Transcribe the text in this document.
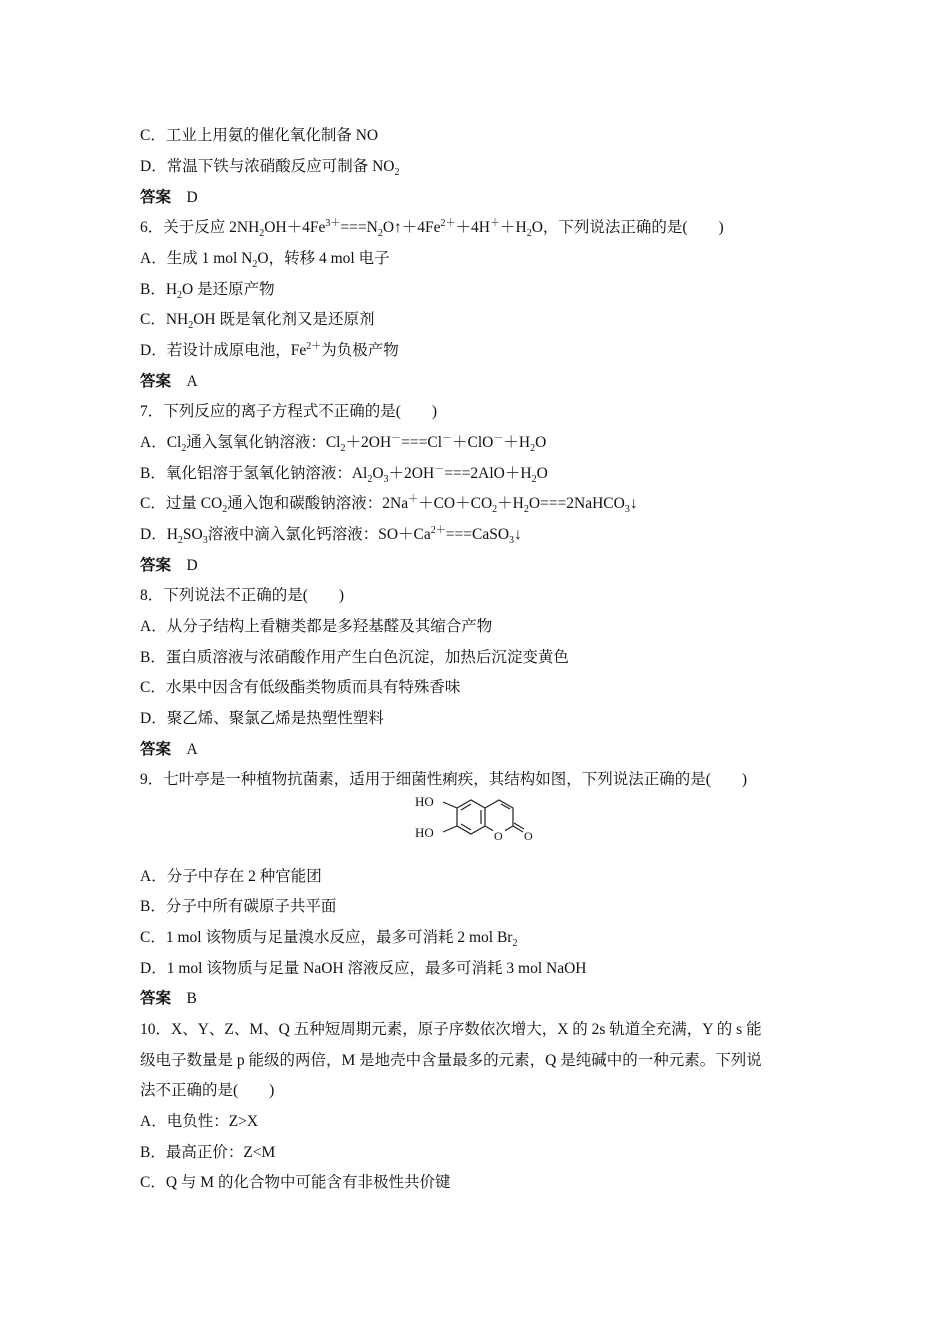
C．工业上用氨的催化氧化制备 NO
D．常温下铁与浓硝酸反应可制备 $NO_2$
答案　 D
6．关于反应 $2NH_2OH+4Fe^{3+}===N_2O↑+4Fe^{2+}+4H^++H_2O$，下列说法正确的是(　　)
A．生成 1 mol $N_2O$，转移 4 mol 电子
B．$H_2O$ 是还原产物
C．$NH_2OH$ 既是氧化剂又是还原剂
D．若设计成原电池，$Fe^{2+}$为负极产物
答案　 A
7．下列反应的离子方程式不正确的是(　　)
A．$Cl_2$通入氢氧化钠溶液：$Cl_2+2OH^-===Cl^-+ClO^-+H_2O$
B．氧化铝溶于氢氧化钠溶液：$Al_2O_3+2OH^-===2AlO+H_2O$
C．过量 $CO_2$通入饱和碳酸钠溶液：$2Na^++CO+CO_2+H_2O===2NaHCO_3↓$
D．$H_2SO_3$溶液中滴入氯化钙溶液：$SO+Ca^{2+}===CaSO_3↓$
答案　 D
8．下列说法不正确的是(　　)
A．从分子结构上看糖类都是多羟基醛及其缩合产物
B．蛋白质溶液与浓硝酸作用产生白色沉淀，加热后沉淀变黄色
C．水果中因含有低级酯类物质而具有特殊香味
D．聚乙烯、聚氯乙烯是热塑性塑料
答案　 A
9．七叶亭是一种植物抗菌素，适用于细菌性痢疾，其结构如图，下列说法正确的是(　　)
A．分子中存在 2 种官能团
B．分子中所有碳原子共平面
C．1 mol 该物质与足量溴水反应，最多可消耗 2 mol $Br_2$
D．1 mol 该物质与足量 NaOH 溶液反应，最多可消耗 3 mol NaOH
答案　 B
10．X、Y、Z、M、Q 五种短周期元素，原子序数依次增大，X 的 2s 轨道全充满，Y 的 s 能
级电子数量是 p 能级的两倍，M 是地壳中含量最多的元素，Q 是纯碱中的一种元素。下列说
法不正确的是(　　)
A．电负性：Z>X
B．最高正价：Z<M
C．Q 与 M 的化合物中可能含有非极性共价键
HO
HO	O O
